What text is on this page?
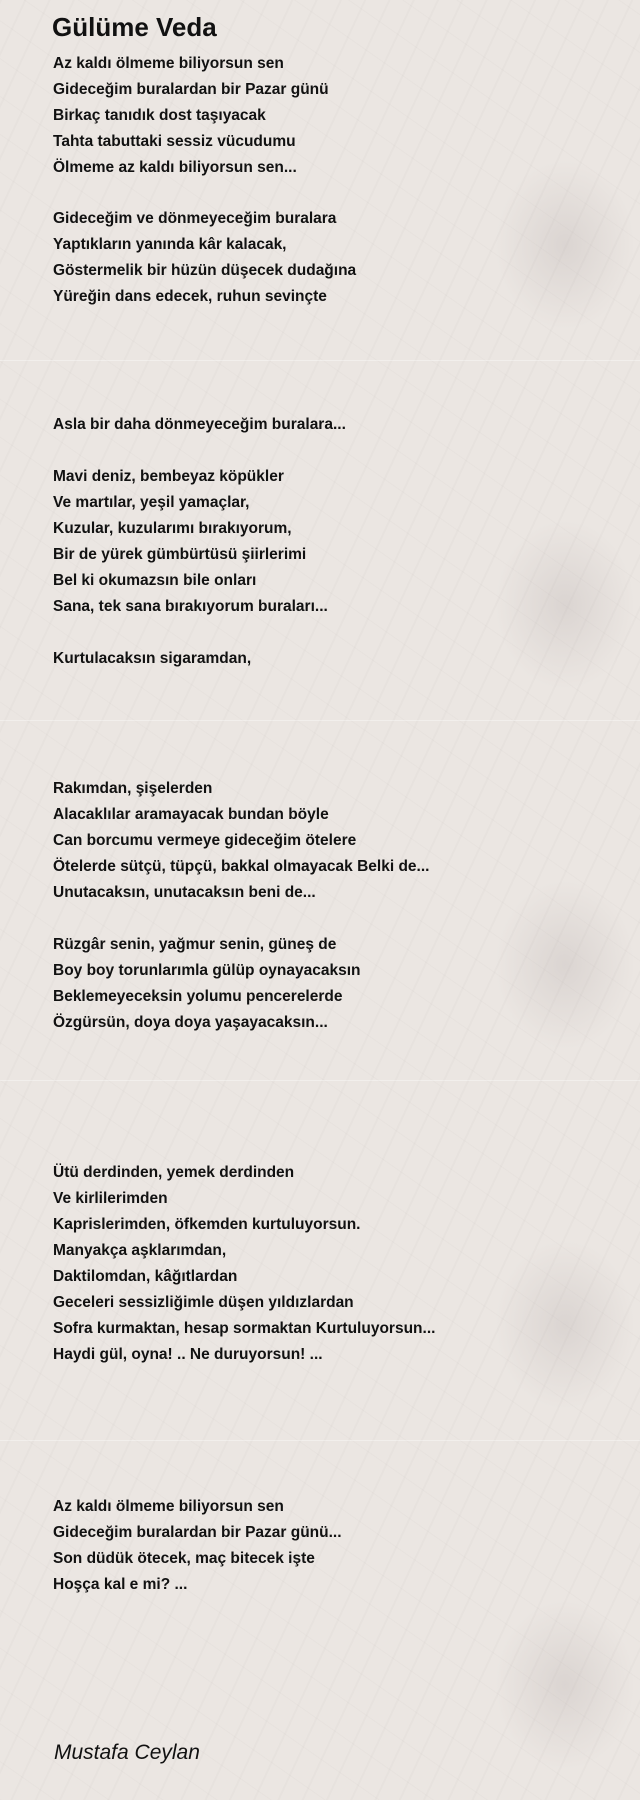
Gülüme Veda
Az kaldı ölmeme biliyorsun sen
Gideceğim buralardan bir Pazar günü
Birkaç tanıdık dost taşıyacak
Tahta tabuttaki sessiz vücudumu
Ölmeme az kaldı biliyorsun sen...
Gideceğim ve dönmeyeceğim buralara
Yaptıkların yanında kâr kalacak,
Göstermelik bir hüzün düşecek dudağına
Yüreğin dans edecek, ruhun sevinçte
Asla bir daha dönmeyeceğim buralara...
Mavi deniz, bembeyaz köpükler
Ve martılar, yeşil yamaçlar,
Kuzular, kuzularımı bırakıyorum,
Bir de yürek gümbürtüsü şiirlerimi
Bel ki okumazsın bile onları
Sana, tek sana bırakıyorum buraları...
Kurtulacaksın sigaramdan,
Rakımdan, şişelerden
Alacaklılar aramayacak bundan böyle
Can borcumu vermeye gideceğim ötelere
Ötelerde sütçü, tüpçü, bakkal olmayacak Belki de...
Unutacaksın, unutacaksın beni de...
Rüzgâr senin, yağmur senin, güneş de
Boy boy torunlarımla gülüp oynayacaksın
Beklemeyeceksin yolumu pencerelerde
Özgürsün, doya doya yaşayacaksın...
Ütü derdinden, yemek derdinden
Ve kirlilerimden
Kaprislerimden, öfkemden kurtuluyorsun.
Manyakça aşklarımdan,
Daktilomdan, kâğıtlardan
Geceleri sessizliğimle düşen yıldızlardan
Sofra kurmaktan, hesap sormaktan Kurtuluyorsun...
Haydi gül, oyna! .. Ne duruyorsun! ...
Az kaldı ölmeme biliyorsun sen
Gideceğim buralardan bir Pazar günü...
Son düdük ötecek, maç bitecek işte
Hoşça kal e mi? ...
Mustafa Ceylan
